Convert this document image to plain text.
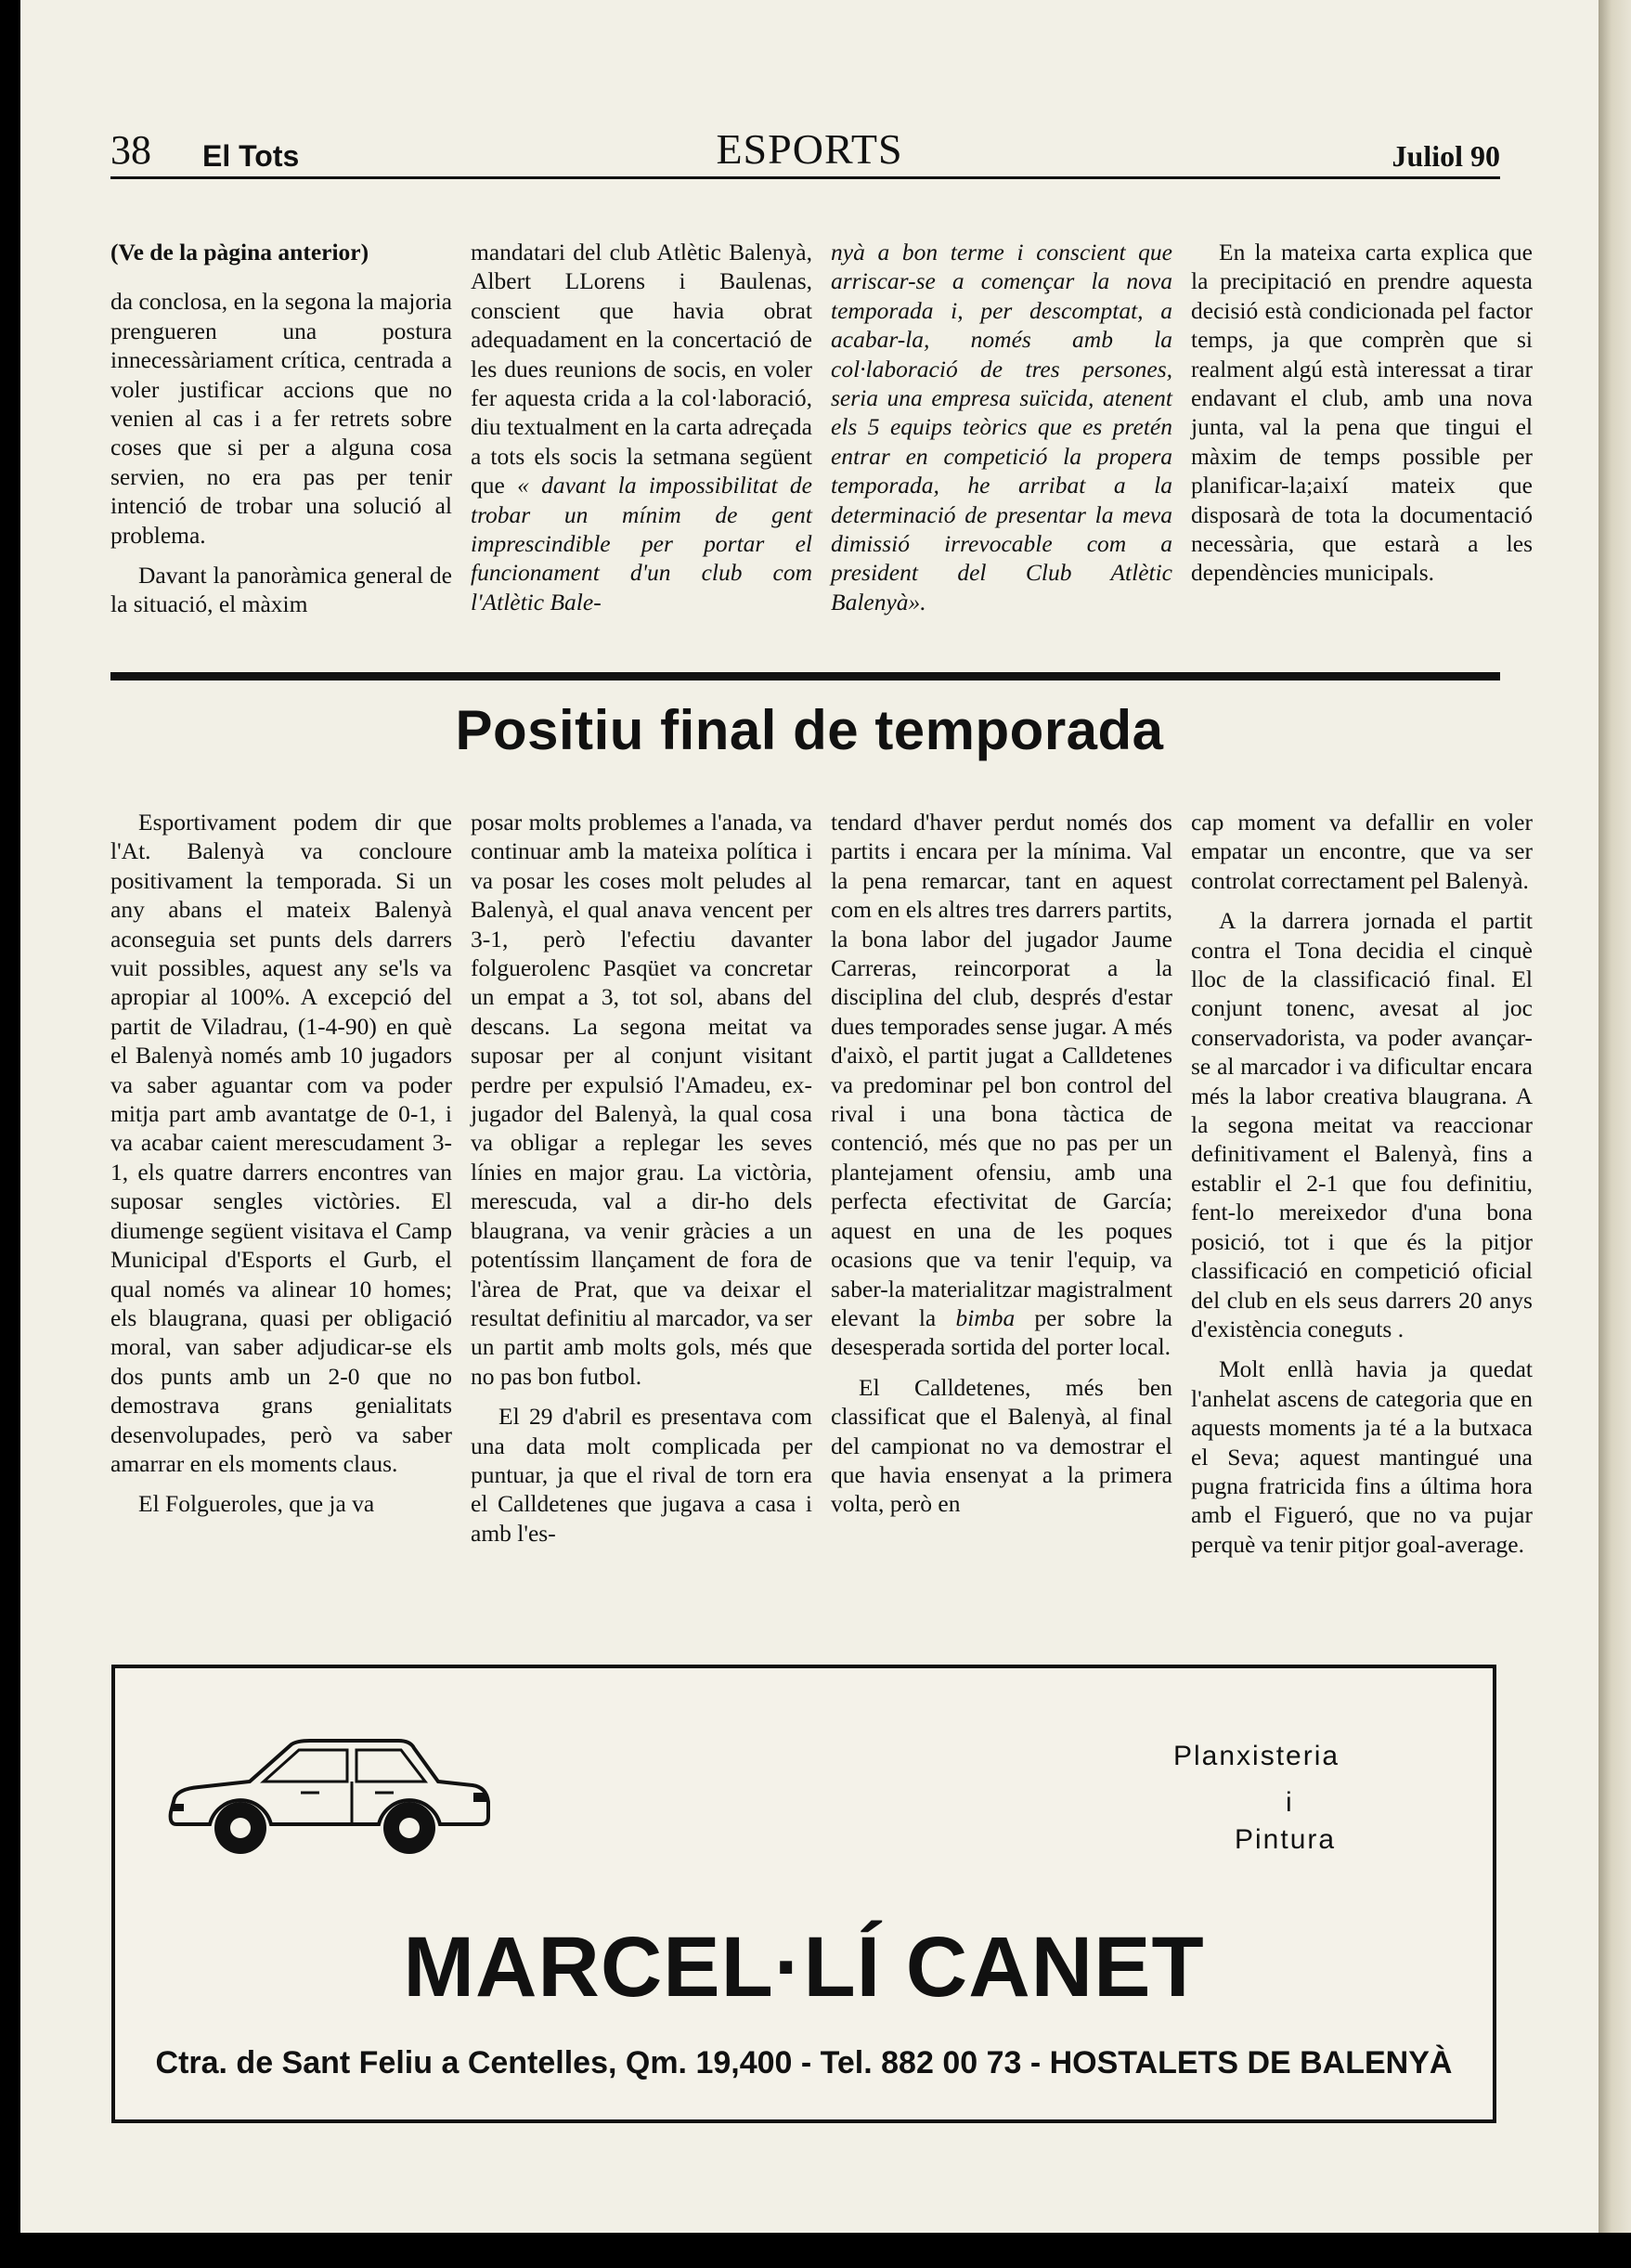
38 El Tots	ESPORTS	Juliol 90

(Ve de la pàgina anterior)

da conclosa, en la segona la majoria prengueren una postura innecessàriament crítica, centrada a voler justificar accions que no venien al cas i a fer retrets sobre coses que si per a alguna cosa servien, no era pas per tenir intenció de trobar una solució al problema.

Davant la panoràmica general de la situació, el màxim

mandatari del club Atlètic Balenyà, Albert LLorens i Baulenas, conscient que havia obrat adequadament en la concertació de les dues reunions de socis, en voler fer aquesta crida a la col·laboració, diu textualment en la carta adreçada a tots els socis la setmana següent que « davant la impossibilitat de trobar un mínim de gent imprescindible per portar el funcionament d'un club com l'Atlètic Bale-

nyà a bon terme i conscient que arriscar-se a començar la nova temporada i, per descomptat, a acabar-la, només amb la col·laboració de tres persones, seria una empresa suïcida, atenent els 5 equips teòrics que es pretén entrar en competició la propera temporada, he arribat a la determinació de presentar la meva dimissió irrevocable com a president del Club Atlètic Balenyà».

En la mateixa carta explica que la precipitació en prendre aquesta decisió està condicionada pel factor temps, ja que comprèn que si realment algú està interessat a tirar endavant el club, amb una nova junta, val la pena que tingui el màxim de temps possible per planificar-la;així mateix que disposarà de tota la documentació necessària, que estarà a les dependències municipals.

Positiu final de temporada

Esportivament podem dir que l'At. Balenyà va concloure positivament la temporada. Si un any abans el mateix Balenyà aconseguia set punts dels darrers vuit possibles, aquest any se'ls va apropiar al 100%. A excepció del partit de Viladrau, (1-4-90) en què el Balenyà només amb 10 jugadors va saber aguantar com va poder mitja part amb avantatge de 0-1, i va acabar caient merescudament 3-1, els quatre darrers encontres van suposar sengles victòries. El diumenge següent visitava el Camp Municipal d'Esports el Gurb, el qual només va alinear 10 homes; els blaugrana, quasi per obligació moral, van saber adjudicar-se els dos punts amb un 2-0 que no demostrava grans genialitats desenvolupades, però va saber amarrar en els moments claus.

El Folgueroles, que ja va

posar molts problemes a l'anada, va continuar amb la mateixa política i va posar les coses molt peludes al Balenyà, el qual anava vencent per 3-1, però l'efectiu davanter folguerolenc Pasqüet va concretar un empat a 3, tot sol, abans del descans. La segona meitat va suposar per al conjunt visitant perdre per expulsió l'Amadeu, ex-jugador del Balenyà, la qual cosa va obligar a replegar les seves línies en major grau. La victòria, merescuda, val a dir-ho dels blaugrana, va venir gràcies a un potentíssim llançament de fora de l'àrea de Prat, que va deixar el resultat definitiu al marcador, va ser un partit amb molts gols, més que no pas bon futbol.

El 29 d'abril es presentava com una data molt complicada per puntuar, ja que el rival de torn era el Calldetenes que jugava a casa i amb l'es-

tendard d'haver perdut només dos partits i encara per la mínima. Val la pena remarcar, tant en aquest com en els altres tres darrers partits, la bona labor del jugador Jaume Carreras, reincorporat a la disciplina del club, després d'estar dues temporades sense jugar. A més d'això, el partit jugat a Calldetenes va predominar pel bon control del rival i una bona tàctica de contenció, més que no pas per un plantejament ofensiu, amb una perfecta efectivitat de García; aquest en una de les poques ocasions que va tenir l'equip, va saber-la materialitzar magistralment elevant la bimba per sobre la desesperada sortida del porter local.

El Calldetenes, més ben classificat que el Balenyà, al final del campionat no va demostrar el que havia ensenyat a la primera volta, però en

cap moment va defallir en voler empatar un encontre, que va ser controlat correctament pel Balenyà.

A la darrera jornada el partit contra el Tona decidia el cinquè lloc de la classificació final. El conjunt tonenc, avesat al joc conservadorista, va poder avançar-se al marcador i va dificultar encara més la labor creativa blaugrana. A la segona meitat va reaccionar definitivament el Balenyà, fins a establir el 2-1 que fou definitiu, fent-lo mereixedor d'una bona posició, tot i que és la pitjor classificació en competició oficial del club en els seus darrers 20 anys d'existència coneguts .

Molt enllà havia ja quedat l'anhelat ascens de categoria que en aquests moments ja té a la butxaca el Seva; aquest mantingué una pugna fratricida fins a última hora amb el Figueró, que no va pujar perquè va tenir pitjor goal-average.

Planxisteria
i
Pintura
MARCEL·LÍ CANET
Ctra. de Sant Feliu a Centelles, Qm. 19,400 - Tel. 882 00 73 - HOSTALETS DE BALENYÀ
